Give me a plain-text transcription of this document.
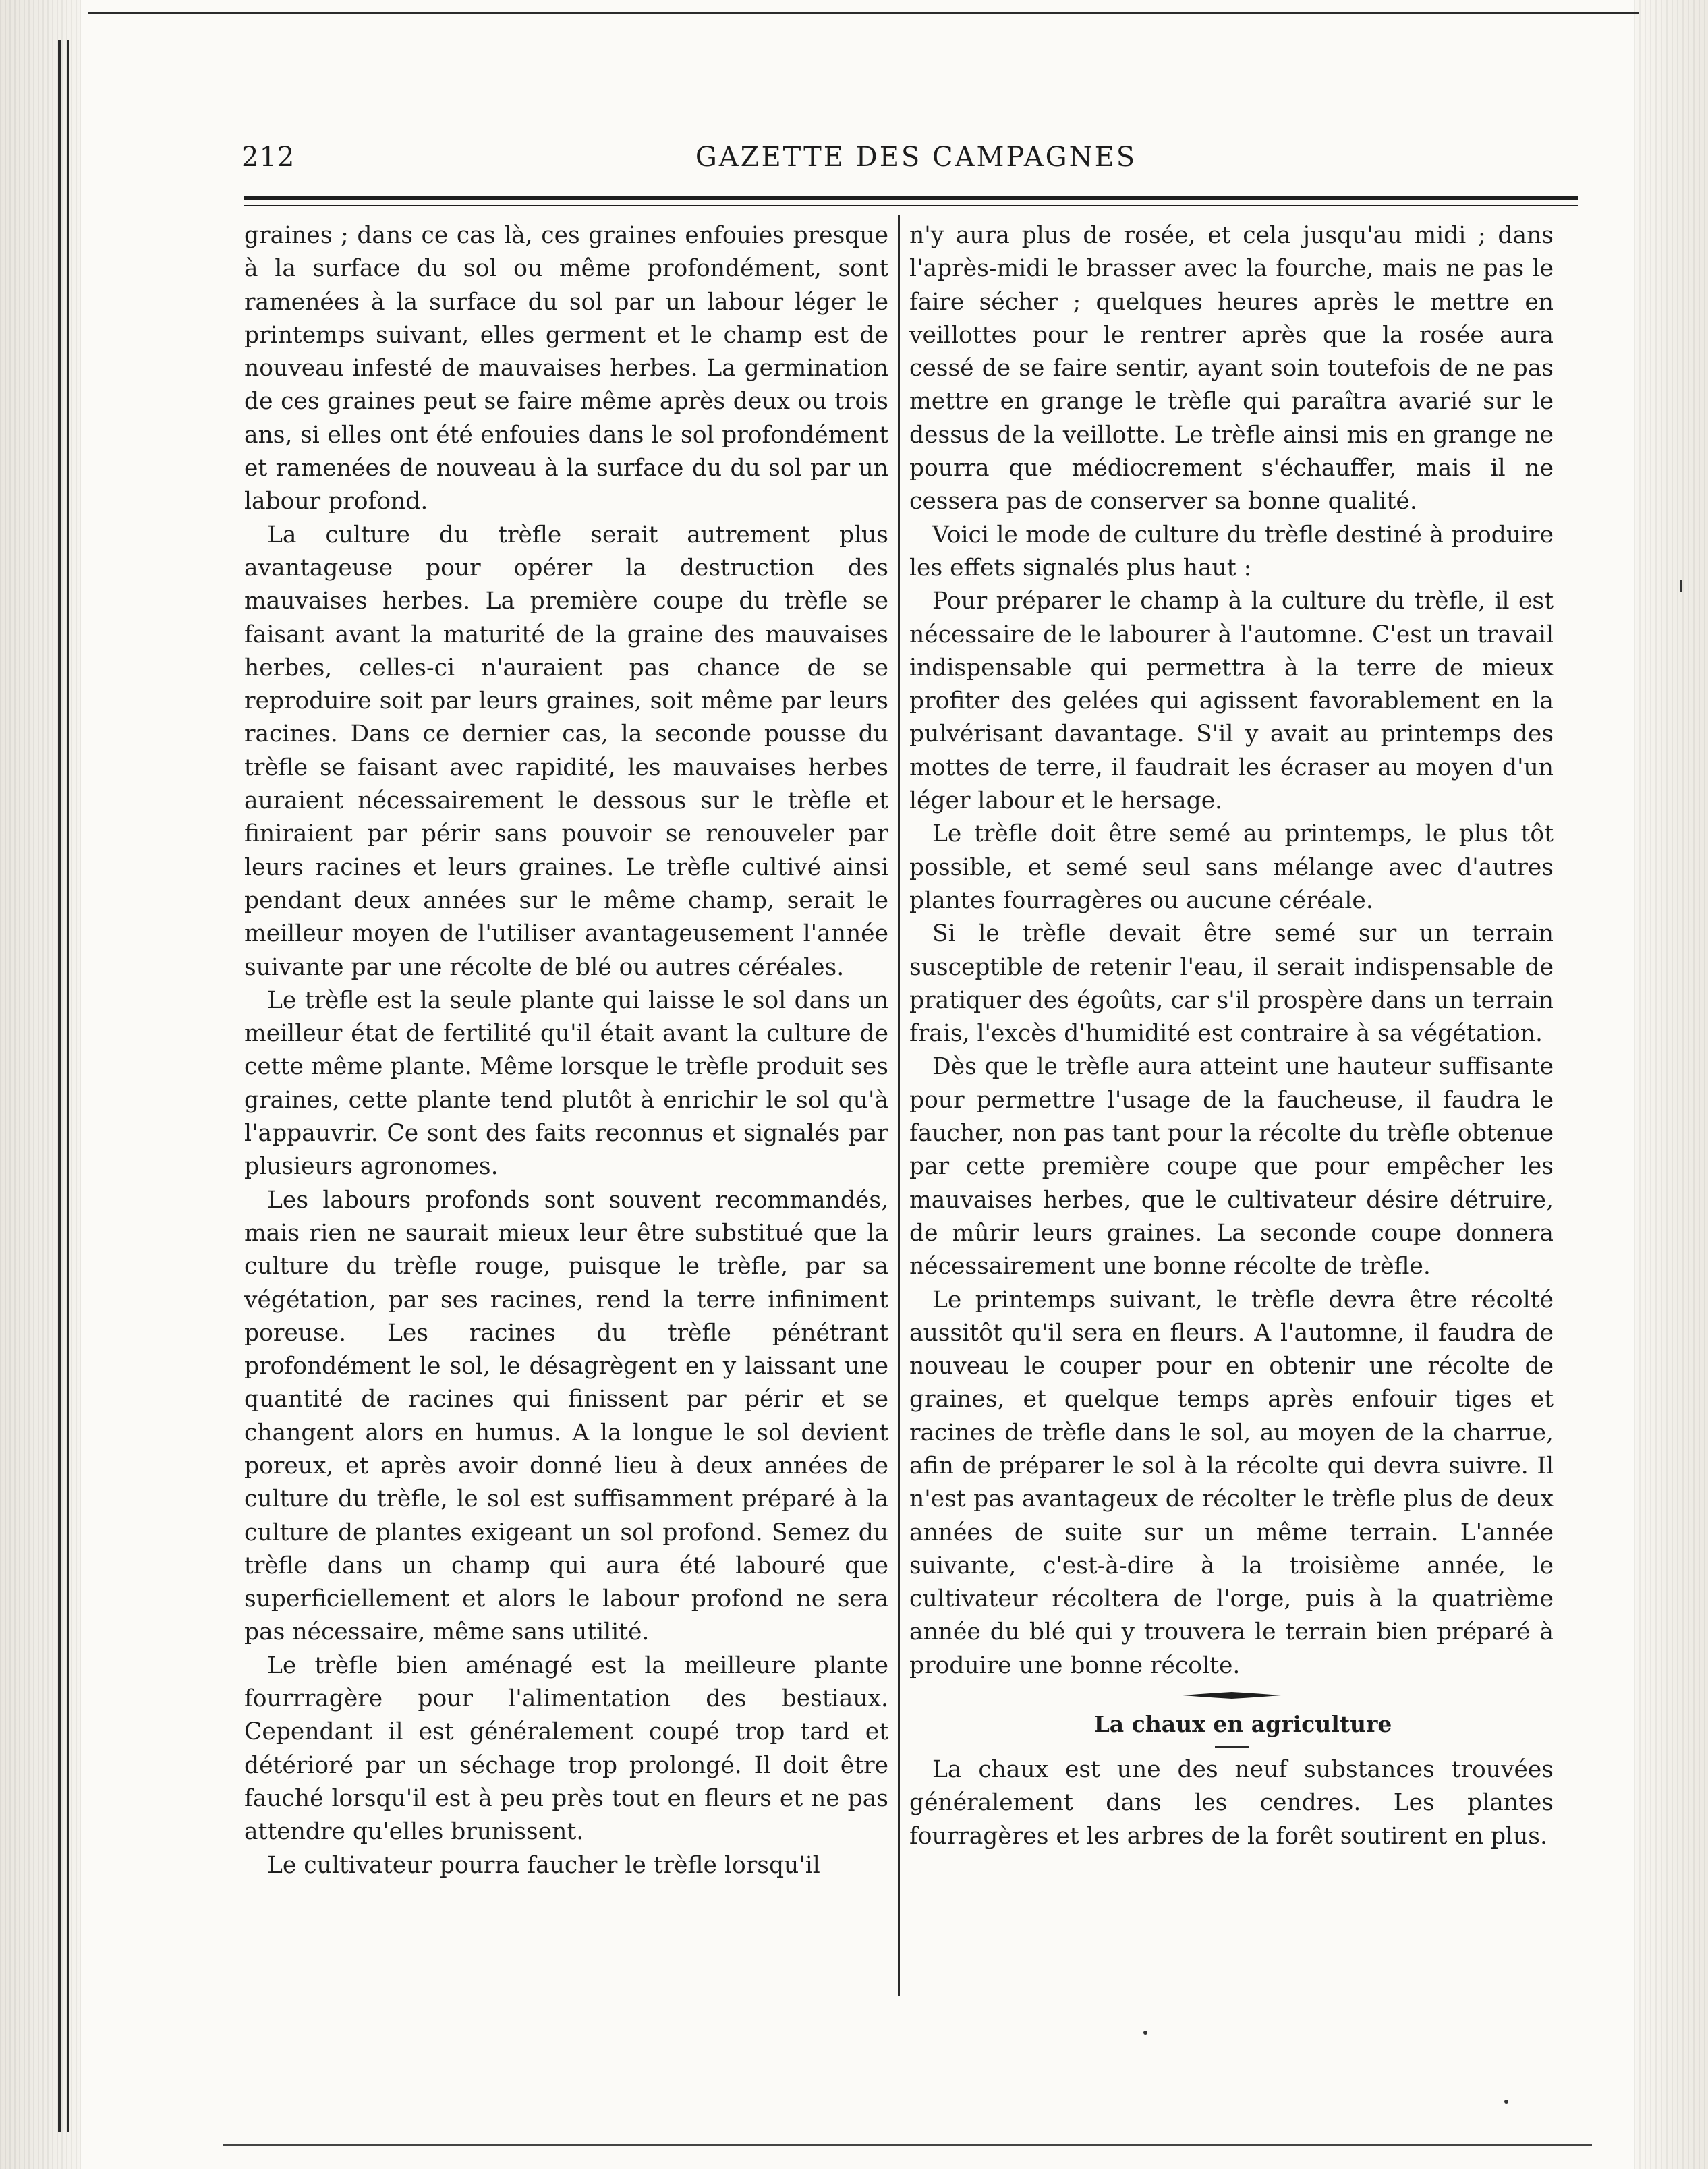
212	GAZETTE DES CAMPAGNES

graines ; dans ce cas là, ces graines enfouies presque à la surface du sol ou même profondément, sont ramenées à la surface du sol par un labour léger le printemps suivant, elles germent et le champ est de nouveau infesté de mauvaises herbes. La germination de ces graines peut se faire même après deux ou trois ans, si elles ont été enfouies dans le sol profondément et ramenées de nouveau à la surface du du sol par un labour profond.

La culture du trèfle serait autrement plus avantageuse pour opérer la destruction des mauvaises herbes. La première coupe du trèfle se faisant avant la maturité de la graine des mauvaises herbes, celles-ci n'auraient pas chance de se reproduire soit par leurs graines, soit même par leurs racines. Dans ce dernier cas, la seconde pousse du trèfle se faisant avec rapidité, les mauvaises herbes auraient nécessairement le dessous sur le trèfle et finiraient par périr sans pouvoir se renouveler par leurs racines et leurs graines. Le trèfle cultivé ainsi pendant deux années sur le même champ, serait le meilleur moyen de l'utiliser avantageusement l'année suivante par une récolte de blé ou autres céréales.

Le trèfle est la seule plante qui laisse le sol dans un meilleur état de fertilité qu'il était avant la culture de cette même plante. Même lorsque le trèfle produit ses graines, cette plante tend plutôt à enrichir le sol qu'à l'appauvrir. Ce sont des faits reconnus et signalés par plusieurs agronomes.

Les labours profonds sont souvent recommandés, mais rien ne saurait mieux leur être substitué que la culture du trèfle rouge, puisque le trèfle, par sa végétation, par ses racines, rend la terre infiniment poreuse. Les racines du trèfle pénétrant profondément le sol, le désagrègent en y laissant une quantité de racines qui finissent par périr et se changent alors en humus. A la longue le sol devient poreux, et après avoir donné lieu à deux années de culture du trèfle, le sol est suffisamment préparé à la culture de plantes exigeant un sol profond. Semez du trèfle dans un champ qui aura été labouré que superficiellement et alors le labour profond ne sera pas nécessaire, même sans utilité.

Le trèfle bien aménagé est la meilleure plante fourrragère pour l'alimentation des bestiaux. Cependant il est généralement coupé trop tard et détérioré par un séchage trop prolongé. Il doit être fauché lorsqu'il est à peu près tout en fleurs et ne pas attendre qu'elles brunissent.

Le cultivateur pourra faucher le trèfle lorsqu'il

n'y aura plus de rosée, et cela jusqu'au midi ; dans l'après-midi le brasser avec la fourche, mais ne pas le faire sécher ; quelques heures après le mettre en veillottes pour le rentrer après que la rosée aura cessé de se faire sentir, ayant soin toutefois de ne pas mettre en grange le trèfle qui paraîtra avarié sur le dessus de la veillotte. Le trèfle ainsi mis en grange ne pourra que médiocrement s'échauffer, mais il ne cessera pas de conserver sa bonne qualité.

Voici le mode de culture du trèfle destiné à produire les effets signalés plus haut :

Pour préparer le champ à la culture du trèfle, il est nécessaire de le labourer à l'automne. C'est un travail indispensable qui permettra à la terre de mieux profiter des gelées qui agissent favorablement en la pulvérisant davantage. S'il y avait au printemps des mottes de terre, il faudrait les écraser au moyen d'un léger labour et le hersage.

Le trèfle doit être semé au printemps, le plus tôt possible, et semé seul sans mélange avec d'autres plantes fourragères ou aucune céréale.

Si le trèfle devait être semé sur un terrain susceptible de retenir l'eau, il serait indispensable de pratiquer des égoûts, car s'il prospère dans un terrain frais, l'excès d'humidité est contraire à sa végétation.

Dès que le trèfle aura atteint une hauteur suffisante pour permettre l'usage de la faucheuse, il faudra le faucher, non pas tant pour la récolte du trèfle obtenue par cette première coupe que pour empêcher les mauvaises herbes, que le cultivateur désire détruire, de mûrir leurs graines. La seconde coupe donnera nécessairement une bonne récolte de trèfle.

Le printemps suivant, le trèfle devra être récolté aussitôt qu'il sera en fleurs. A l'automne, il faudra de nouveau le couper pour en obtenir une récolte de graines, et quelque temps après enfouir tiges et racines de trèfle dans le sol, au moyen de la charrue, afin de préparer le sol à la récolte qui devra suivre. Il n'est pas avantageux de récolter le trèfle plus de deux années de suite sur un même terrain. L'année suivante, c'est-à-dire à la troisième année, le cultivateur récoltera de l'orge, puis à la quatrième année du blé qui y trouvera le terrain bien préparé à produire une bonne récolte.

La chaux en agriculture

La chaux est une des neuf substances trouvées généralement dans les cendres. Les plantes fourragères et les arbres de la forêt soutirent en plus.
